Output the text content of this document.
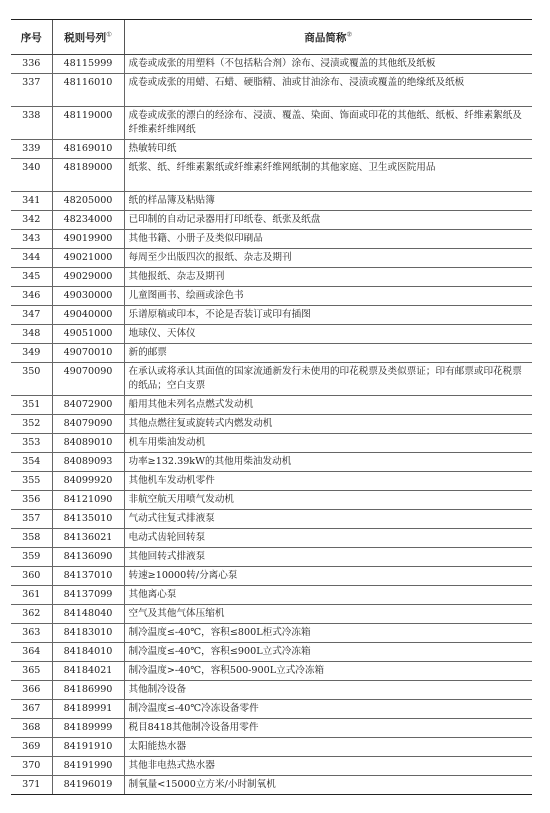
序号	税则号列①	商品简称②
336	48115999	成卷或成张的用塑料（不包括粘合剂）涂布、浸渍或覆盖的其他纸及纸板
337	48116010	成卷或成张的用蜡、石蜡、硬脂精、油或甘油涂布、浸渍或覆盖的绝缘纸及纸板
338	48119000	成卷或成张的漂白的经涂布、浸渍、覆盖、染面、饰面或印花的其他纸、纸板、纤维素絮纸及纤维素纤维网纸
339	48169010	热敏转印纸
340	48189000	纸浆、纸、纤维素絮纸或纤维素纤维网纸制的其他家庭、卫生或医院用品
341	48205000	纸的样品簿及粘贴簿
342	48234000	已印制的自动记录器用打印纸卷、纸张及纸盘
343	49019900	其他书籍、小册子及类似印刷品
344	49021000	每周至少出版四次的报纸、杂志及期刊
345	49029000	其他报纸、杂志及期刊
346	49030000	儿童图画书、绘画或涂色书
347	49040000	乐谱原稿或印本，不论是否装订或印有插图
348	49051000	地球仪、天体仪
349	49070010	新的邮票
350	49070090	在承认或将承认其面值的国家流通新发行未使用的印花税票及类似票证；印有邮票或印花税票的纸品；空白支票
351	84072900	船用其他未列名点燃式发动机
352	84079090	其他点燃往复或旋转式内燃发动机
353	84089010	机车用柴油发动机
354	84089093	功率≥132.39kW的其他用柴油发动机
355	84099920	其他机车发动机零件
356	84121090	非航空航天用喷气发动机
357	84135010	气动式往复式排液泵
358	84136021	电动式齿轮回转泵
359	84136090	其他回转式排液泵
360	84137010	转速≥10000转/分离心泵
361	84137099	其他离心泵
362	84148040	空气及其他气体压缩机
363	84183010	制冷温度≤-40℃，容积≤800L柜式冷冻箱
364	84184010	制冷温度≤-40℃，容积≤900L立式冷冻箱
365	84184021	制冷温度>-40℃，容积500-900L立式冷冻箱
366	84186990	其他制冷设备
367	84189991	制冷温度≤-40℃冷冻设备零件
368	84189999	税目8418其他制冷设备用零件
369	84191910	太阳能热水器
370	84191990	其他非电热式热水器
371	84196019	制氧量<15000立方米/小时制氧机
